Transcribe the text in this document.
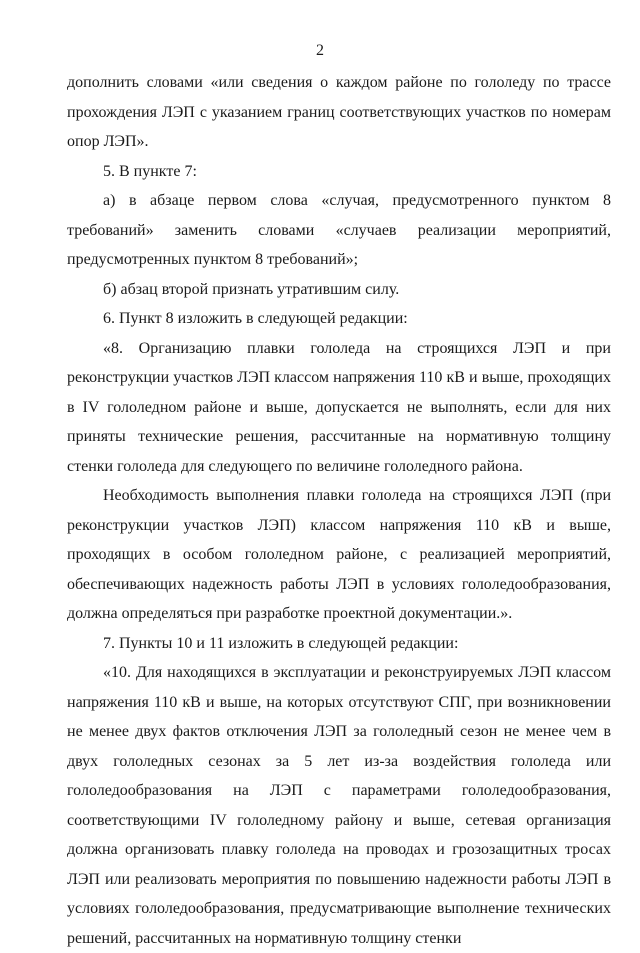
2

дополнить словами «или сведения о каждом районе по гололеду по трассе прохождения ЛЭП с указанием границ соответствующих участков по номерам опор ЛЭП».

5. В пункте 7:

а) в абзаце первом слова «случая, предусмотренного пунктом 8 требований» заменить словами «случаев реализации мероприятий, предусмотренных пунктом 8 требований»;

б) абзац второй признать утратившим силу.

6. Пункт 8 изложить в следующей редакции:

«8. Организацию плавки гололеда на строящихся ЛЭП и при реконструкции участков ЛЭП классом напряжения 110 кВ и выше, проходящих в IV гололедном районе и выше, допускается не выполнять, если для них приняты технические решения, рассчитанные на нормативную толщину стенки гололеда для следующего по величине гололедного района.

Необходимость выполнения плавки гололеда на строящихся ЛЭП (при реконструкции участков ЛЭП) классом напряжения 110 кВ и выше, проходящих в особом гололедном районе, с реализацией мероприятий, обеспечивающих надежность работы ЛЭП в условиях гололедообразования, должна определяться при разработке проектной документации.».

7. Пункты 10 и 11 изложить в следующей редакции:

«10. Для находящихся в эксплуатации и реконструируемых ЛЭП классом напряжения 110 кВ и выше, на которых отсутствуют СПГ, при возникновении не менее двух фактов отключения ЛЭП за гололедный сезон не менее чем в двух гололедных сезонах за 5 лет из-за воздействия гололеда или гололедообразования на ЛЭП с параметрами гололедообразования, соответствующими IV гололедному району и выше, сетевая организация должна организовать плавку гололеда на проводах и грозозащитных тросах ЛЭП или реализовать мероприятия по повышению надежности работы ЛЭП в условиях гололедообразования, предусматривающие выполнение технических решений, рассчитанных на нормативную толщину стенки
